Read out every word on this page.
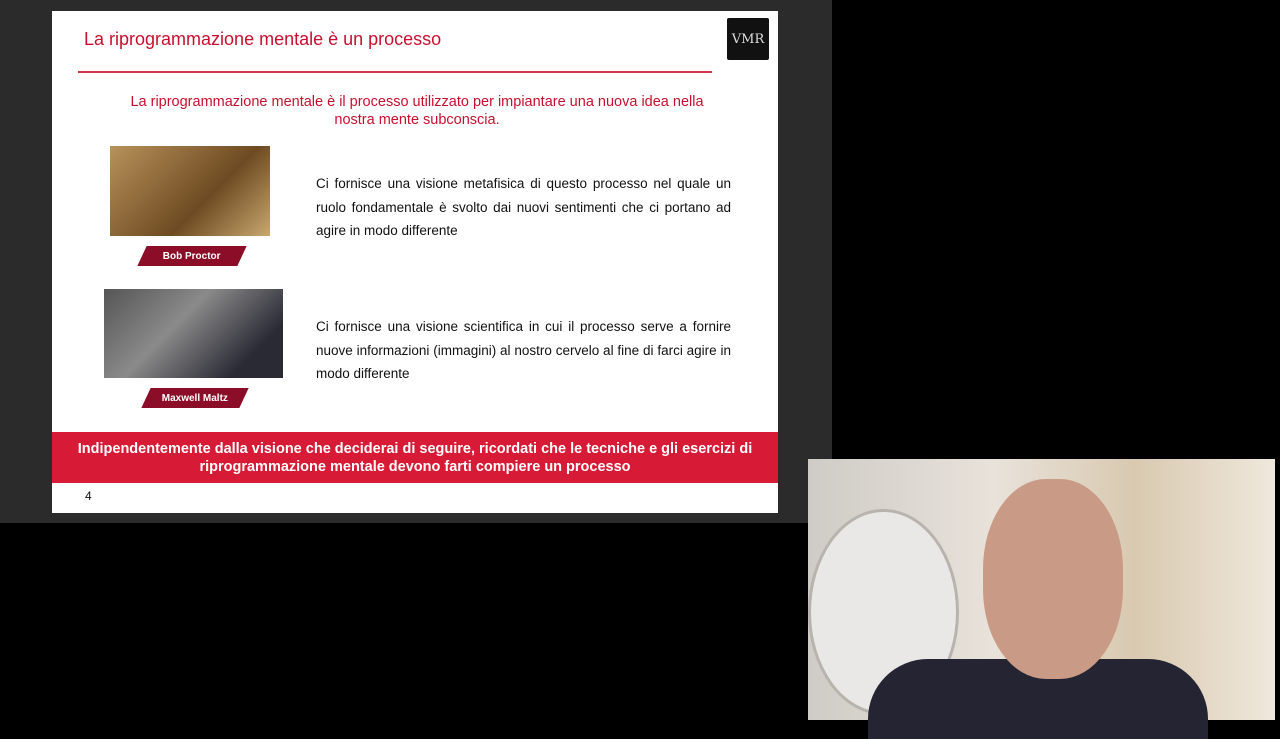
La riprogrammazione mentale è un processo	VMR
La riprogrammazione mentale è il processo utilizzato per impiantare una nuova idea nella nostra mente subconscia.
Bob Proctor
Ci fornisce una visione metafisica di questo processo nel quale un ruolo fondamentale è svolto dai nuovi sentimenti che ci portano ad agire in modo differente
Maxwell Maltz
Ci fornisce una visione scientifica in cui il processo serve a fornire nuove informazioni (immagini) al nostro cervelo al fine di farci agire in modo differente
Indipendentemente dalla visione che deciderai di seguire, ricordati che le tecniche e gli esercizi di riprogrammazione mentale devono farti compiere un processo
4
